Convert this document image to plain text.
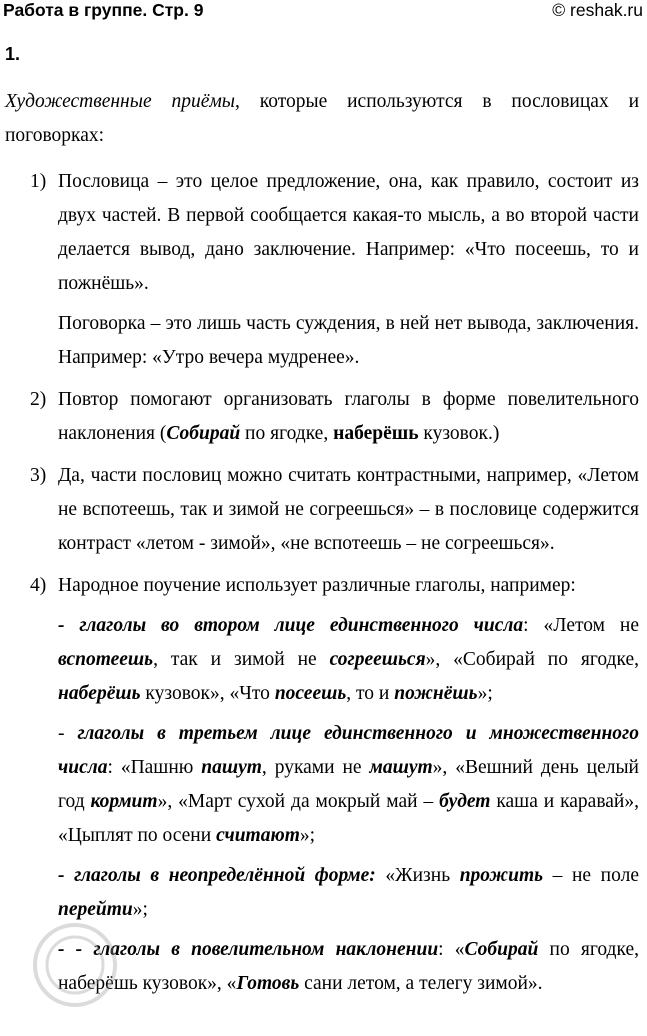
Работа в группе. Стр. 9	© reshak.ru
1.

Художественные приёмы, которые используются в пословицах и поговорках:

1) Пословица – это целое предложение, она, как правило, состоит из двух частей. В первой сообщается какая-то мысль, а во второй части делается вывод, дано заключение. Например: «Что посеешь, то и пожнёшь».

Поговорка – это лишь часть суждения, в ней нет вывода, заключения. Например: «Утро вечера мудренее».

2) Повтор помогают организовать глаголы в форме повелительного наклонения (Собирай по ягодке, наберёшь кузовок.)

3) Да, части пословиц можно считать контрастными, например, «Летом не вспотеешь, так и зимой не согреешься» – в пословице содержится контраст «летом - зимой», «не вспотеешь – не согреешься».

4) Народное поучение использует различные глаголы, например:

- глаголы во втором лице единственного числа: «Летом не вспотеешь, так и зимой не согреешься», «Собирай по ягодке, наберёшь кузовок», «Что посеешь, то и пожнёшь»;

- глаголы в третьем лице единственного и множественного числа: «Пашню пашут, руками не машут», «Вешний день целый год кормит», «Март сухой да мокрый май – будет каша и каравай», «Цыплят по осени считают»;

- глаголы в неопределённой форме: «Жизнь прожить – не поле перейти»;

- - глаголы в повелительном наклонении: «Собирай по ягодке, наберёшь кузовок», «Готовь сани летом, а телегу зимой».
